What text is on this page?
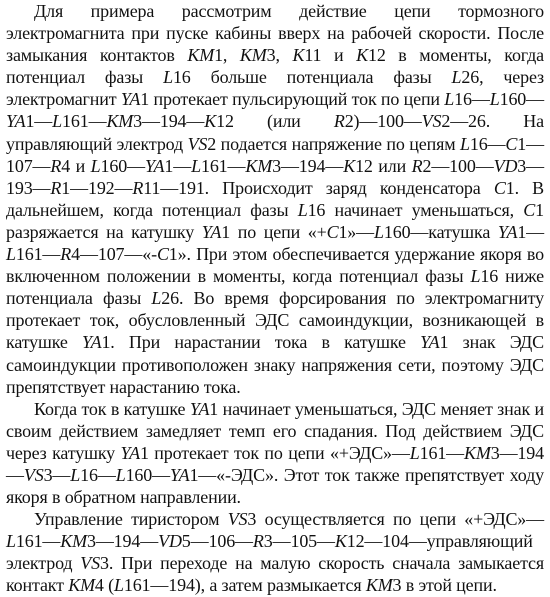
Для примера рассмотрим действие цепи тормозного электромагнита при пуске кабины вверх на рабочей скорости. После замыкания контактов KM1, KM3, K11 и K12 в моменты, когда потенциал фазы L16 больше потенциала фазы L26, через электромагнит YA1 протекает пульсирующий ток по цепи L16—L160—YA1—L161—KM3—194—K12 (или R2)—100—VS2—26. На управляющий электрод VS2 подается напряжение по цепям L16—C1—107—R4 и L160—YA1—L161—KM3—194—K12 или R2—100—VD3—193—R1—192—R11—191. Происходит заряд конденсатора C1. В дальнейшем, когда потенциал фазы L16 начинает уменьшаться, C1 разряжается на катушку YA1 по цепи «+C1»—L160—катушка YA1—L161—R4—107—«-C1». При этом обеспечивается удержание якоря во включенном положении в моменты, когда потенциал фазы L16 ниже потенциала фазы L26. Во время форсирования по электромагниту протекает ток, обусловленный ЭДС самоиндукции, возникающей в катушке YA1. При нарастании тока в катушке YA1 знак ЭДС самоиндукции противоположен знаку напряжения сети, поэтому ЭДС препятствует нарастанию тока.

Когда ток в катушке YA1 начинает уменьшаться, ЭДС меняет знак и своим действием замедляет темп его спадания. Под действием ЭДС через катушку YA1 протекает ток по цепи «+ЭДС»—L161—KM3—194—VS3—L16—L160—YA1—«-ЭДС». Этот ток также препятствует ходу якоря в обратном направлении.

Управление тиристором VS3 осуществляется по цепи «+ЭДС»—L161—KM3—194—VD5—106—R3—105—K12—104—управляющий электрод VS3. При переходе на малую скорость сначала замыкается контакт KM4 (L161—194), а затем размыкается KM3 в этой цепи.
